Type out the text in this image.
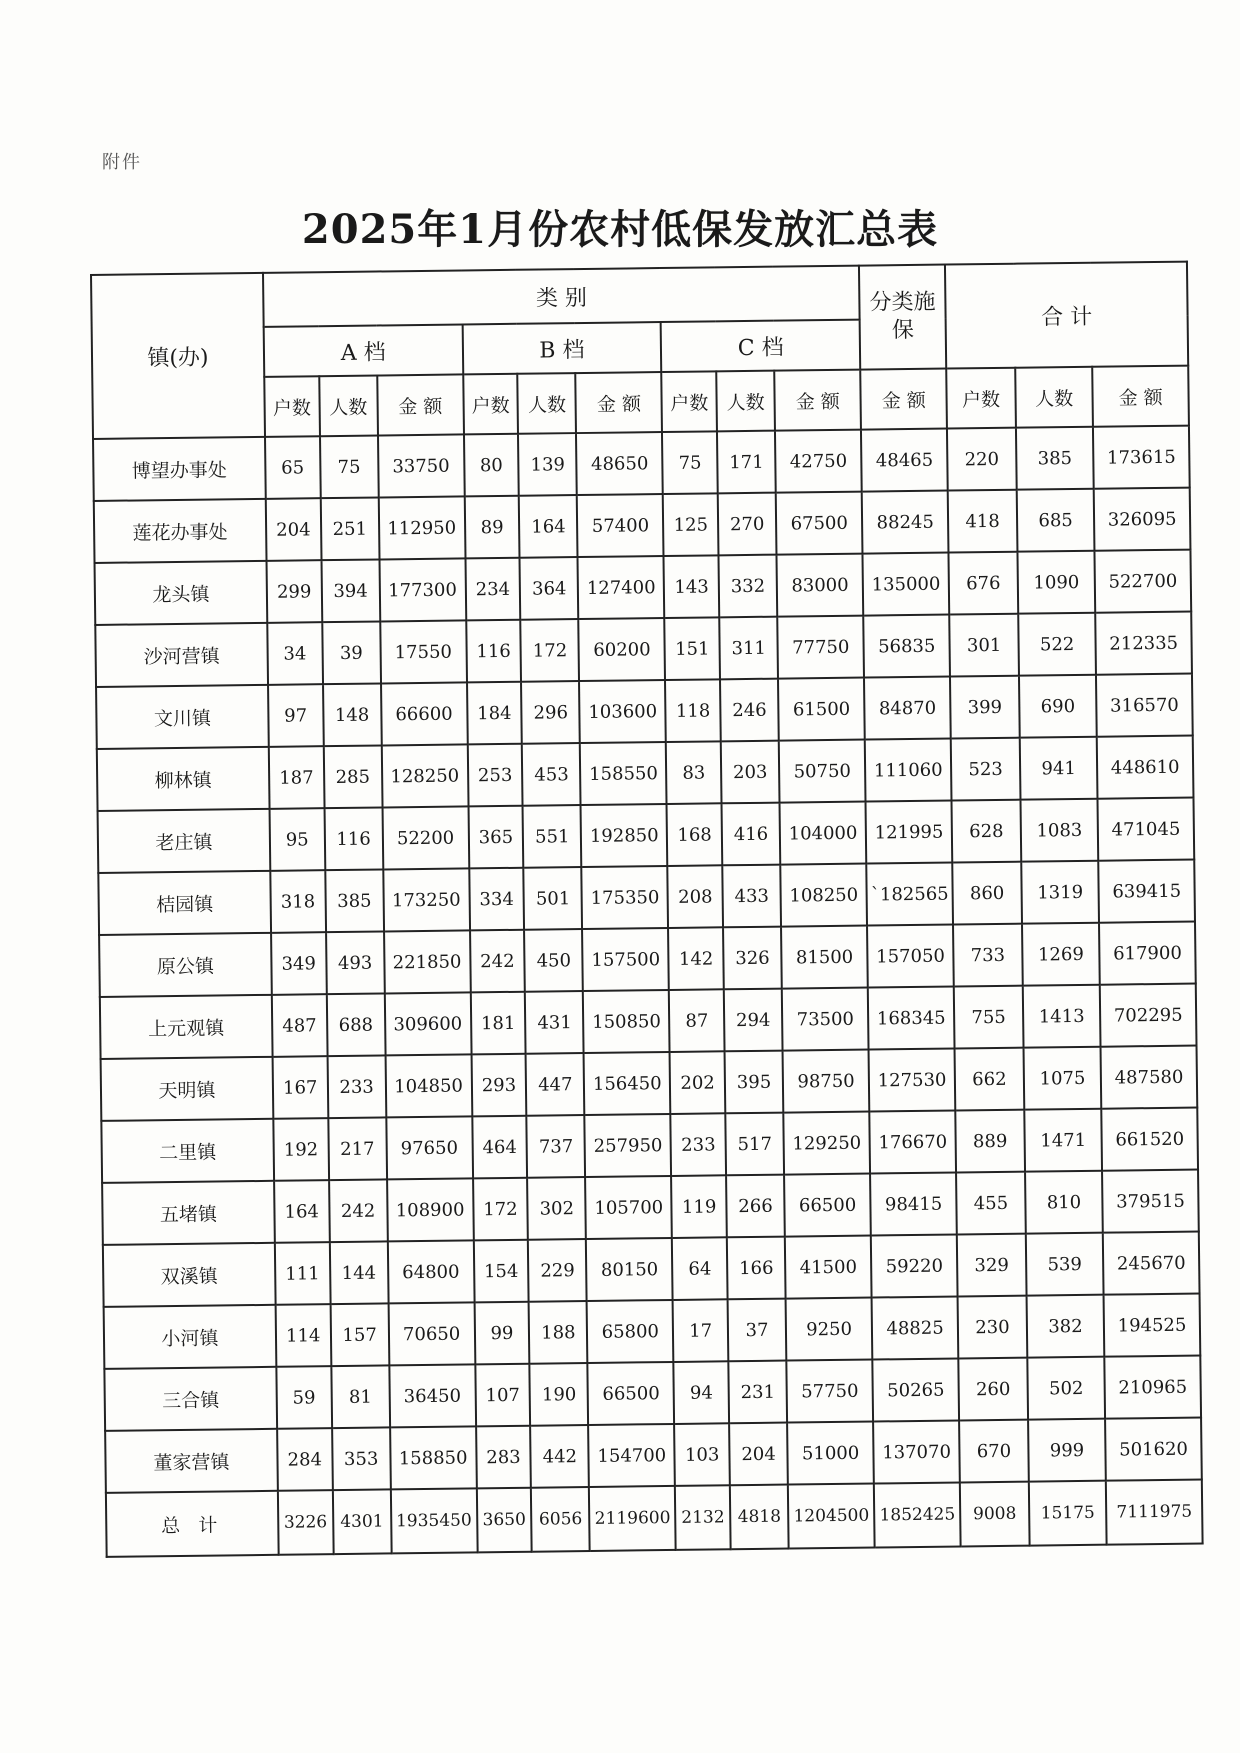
附件
2025年1月份农村低保发放汇总表
镇(办)	类 别									分类施保	合 计		
	A 档			B 档			C 档						
	户数	人数	金 额	户数	人数	金 额	户数	人数	金 额	金 额	户数	人数	金 额
博望办事处	65	75	33750	80	139	48650	75	171	42750	48465	220	385	173615
莲花办事处	204	251	112950	89	164	57400	125	270	67500	88245	418	685	326095
龙头镇	299	394	177300	234	364	127400	143	332	83000	135000	676	1090	522700
沙河营镇	34	39	17550	116	172	60200	151	311	77750	56835	301	522	212335
文川镇	97	148	66600	184	296	103600	118	246	61500	84870	399	690	316570
柳林镇	187	285	128250	253	453	158550	83	203	50750	111060	523	941	448610
老庄镇	95	116	52200	365	551	192850	168	416	104000	121995	628	1083	471045
桔园镇	318	385	173250	334	501	175350	208	433	108250	`182565	860	1319	639415
原公镇	349	493	221850	242	450	157500	142	326	81500	157050	733	1269	617900
上元观镇	487	688	309600	181	431	150850	87	294	73500	168345	755	1413	702295
天明镇	167	233	104850	293	447	156450	202	395	98750	127530	662	1075	487580
二里镇	192	217	97650	464	737	257950	233	517	129250	176670	889	1471	661520
五堵镇	164	242	108900	172	302	105700	119	266	66500	98415	455	810	379515
双溪镇	111	144	64800	154	229	80150	64	166	41500	59220	329	539	245670
小河镇	114	157	70650	99	188	65800	17	37	9250	48825	230	382	194525
三合镇	59	81	36450	107	190	66500	94	231	57750	50265	260	502	210965
董家营镇	284	353	158850	283	442	154700	103	204	51000	137070	670	999	501620
总 计	3226	4301	1935450	3650	6056	2119600	2132	4818	1204500	1852425	9008	15175	7111975
